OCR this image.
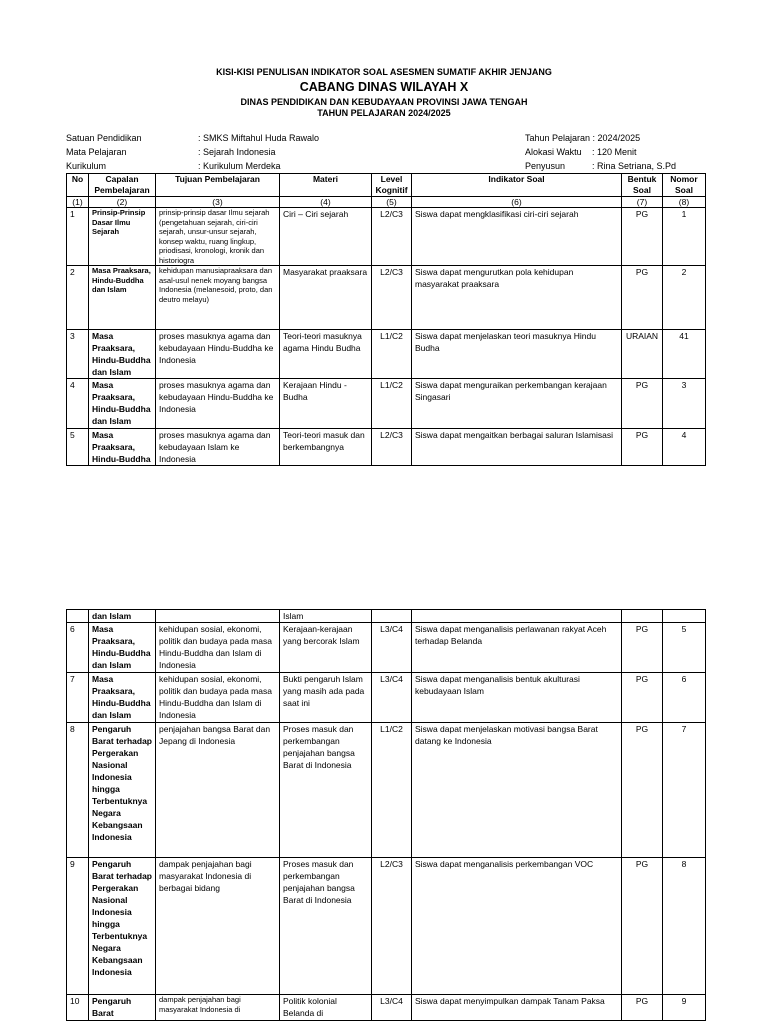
KISI-KISI PENULISAN INDIKATOR SOAL ASESMEN SUMATIF AKHIR JENJANG
CABANG DINAS WILAYAH X
DINAS PENDIDIKAN DAN KEBUDAYAAN PROVINSI JAWA TENGAH
TAHUN PELAJARAN 2024/2025
Satuan Pendidikan	: SMKS Miftahul Huda Rawalo
Mata Pelajaran	: Sejarah Indonesia
Kurikulum	: Kurikulum Merdeka
Tahun Pelajaran : 2024/2025
Alokasi Waktu : 120 Menit
Penyusun	: Rina Setriana, S.Pd
No	Capalan Pembelajaran	Tujuan Pembelajaran	Materi	Level Kognitif	Indikator Soal	Bentuk Soal	Nomor Soal
(1)	(2)	(3)	(4)	(5)	(6)	(7)	(8)
1	Prinsip-Prinsip Dasar Ilmu Sejarah	prinsip-prinsip dasar Ilmu sejarah (pengetahuan sejarah, ciri-ciri sejarah, unsur-unsur sejarah, konsep waktu, ruang lingkup, priodisasi, kronologi, kronik dan historiogra	Ciri – Ciri sejarah	L2/C3	Siswa dapat mengklasifikasi ciri-ciri sejarah	PG	1
2	Masa Praaksara, Hindu-Buddha dan Islam	kehidupan manusiapraaksara dan asal-usul nenek moyang bangsa Indonesia (melanesoid, proto, dan deutro melayu)	Masyarakat praaksara	L2/C3	Siswa dapat mengurutkan pola kehidupan masyarakat praaksara	PG	2
3	Masa Praaksara, Hindu-Buddha dan Islam	proses masuknya agama dan kebudayaan Hindu-Buddha ke Indonesia	Teori-teori masuknya agama Hindu Budha	L1/C2	Siswa dapat menjelaskan teori masuknya Hindu Budha	URAIAN	41
4	Masa Praaksara, Hindu-Buddha dan Islam	proses masuknya agama dan kebudayaan Hindu-Buddha ke Indonesia	Kerajaan Hindu - Budha	L1/C2	Siswa dapat menguraikan perkembangan kerajaan Singasari	PG	3
5	Masa Praaksara, Hindu-Buddha	proses masuknya agama dan kebudayaan Islam ke Indonesia	Teori-teori masuk dan berkembangnya	L2/C3	Siswa dapat mengaitkan berbagai saluran Islamisasi	PG	4
	dan Islam		Islam				
6	Masa Praaksara, Hindu-Buddha dan Islam	kehidupan sosial, ekonomi, politik dan budaya pada masa Hindu-Buddha dan Islam di Indonesia	Kerajaan-kerajaan yang bercorak Islam	L3/C4	Siswa dapat menganalisis perlawanan rakyat Aceh terhadap Belanda	PG	5
7	Masa Praaksara, Hindu-Buddha dan Islam	kehidupan sosial, ekonomi, politik dan budaya pada masa Hindu-Buddha dan Islam di Indonesia	Bukti pengaruh Islam yang masih ada pada saat ini	L3/C4	Siswa dapat menganalisis bentuk akulturasi kebudayaan Islam	PG	6
8	Pengaruh Barat terhadap Pergerakan Nasional Indonesia hingga Terbentuknya Negara Kebangsaan Indonesia	penjajahan bangsa Barat dan Jepang di Indonesia	Proses masuk dan perkembangan penjajahan bangsa Barat di Indonesia	L1/C2	Siswa dapat menjelaskan motivasi bangsa Barat datang ke Indonesia	PG	7
9	Pengaruh Barat terhadap Pergerakan Nasional Indonesia hingga Terbentuknya Negara Kebangsaan Indonesia	dampak penjajahan bagi masyarakat Indonesia di berbagai bidang	Proses masuk dan perkembangan penjajahan bangsa Barat di Indonesia	L2/C3	Siswa dapat menganalisis perkembangan VOC	PG	8
10	Pengaruh Barat	dampak penjajahan bagi masyarakat Indonesia di	Politik kolonial Belanda di	L3/C4	Siswa dapat menyimpulkan dampak Tanam Paksa	PG	9
